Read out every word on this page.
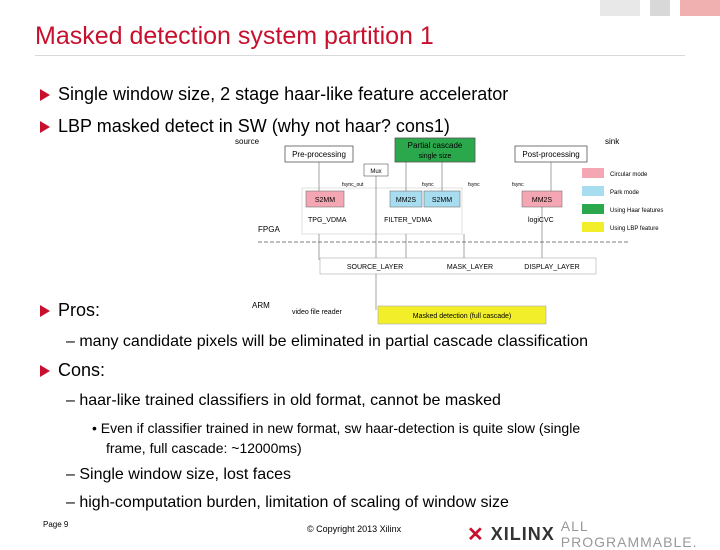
Masked detection system partition 1
Single window size, 2 stage haar-like feature accelerator
LBP masked detect in SW (why not haar? cons1)
source	sink
Pre-processing
Partial cascade
single size	Post-processing
Mux
fsync_out	fsync	fsync	fsync
S2MM	MM2S S2MM	MM2S
TPG_VDMA	FILTER_VDMA	logiCVC
FPGA
SOURCE_LAYER	MASK_LAYER	DISPLAY_LAYER
ARM
video file reader
Masked detection (full cascade)
Circular mode
Park mode
Using Haar features
Using LBP feature
Pros:
– many candidate pixels will be eliminated in partial cascade classification
Cons:
– haar-like trained classifiers in old format, cannot be masked
• Even if classifier trained in new format, sw haar-detection is quite slow (single
frame, full cascade: ~12000ms)
– Single window size, lost faces
– high-computation burden, limitation of scaling of window size
Page 9	© Copyright 2013 Xilinx	✕ XILINX ALL PROGRAMMABLE.
